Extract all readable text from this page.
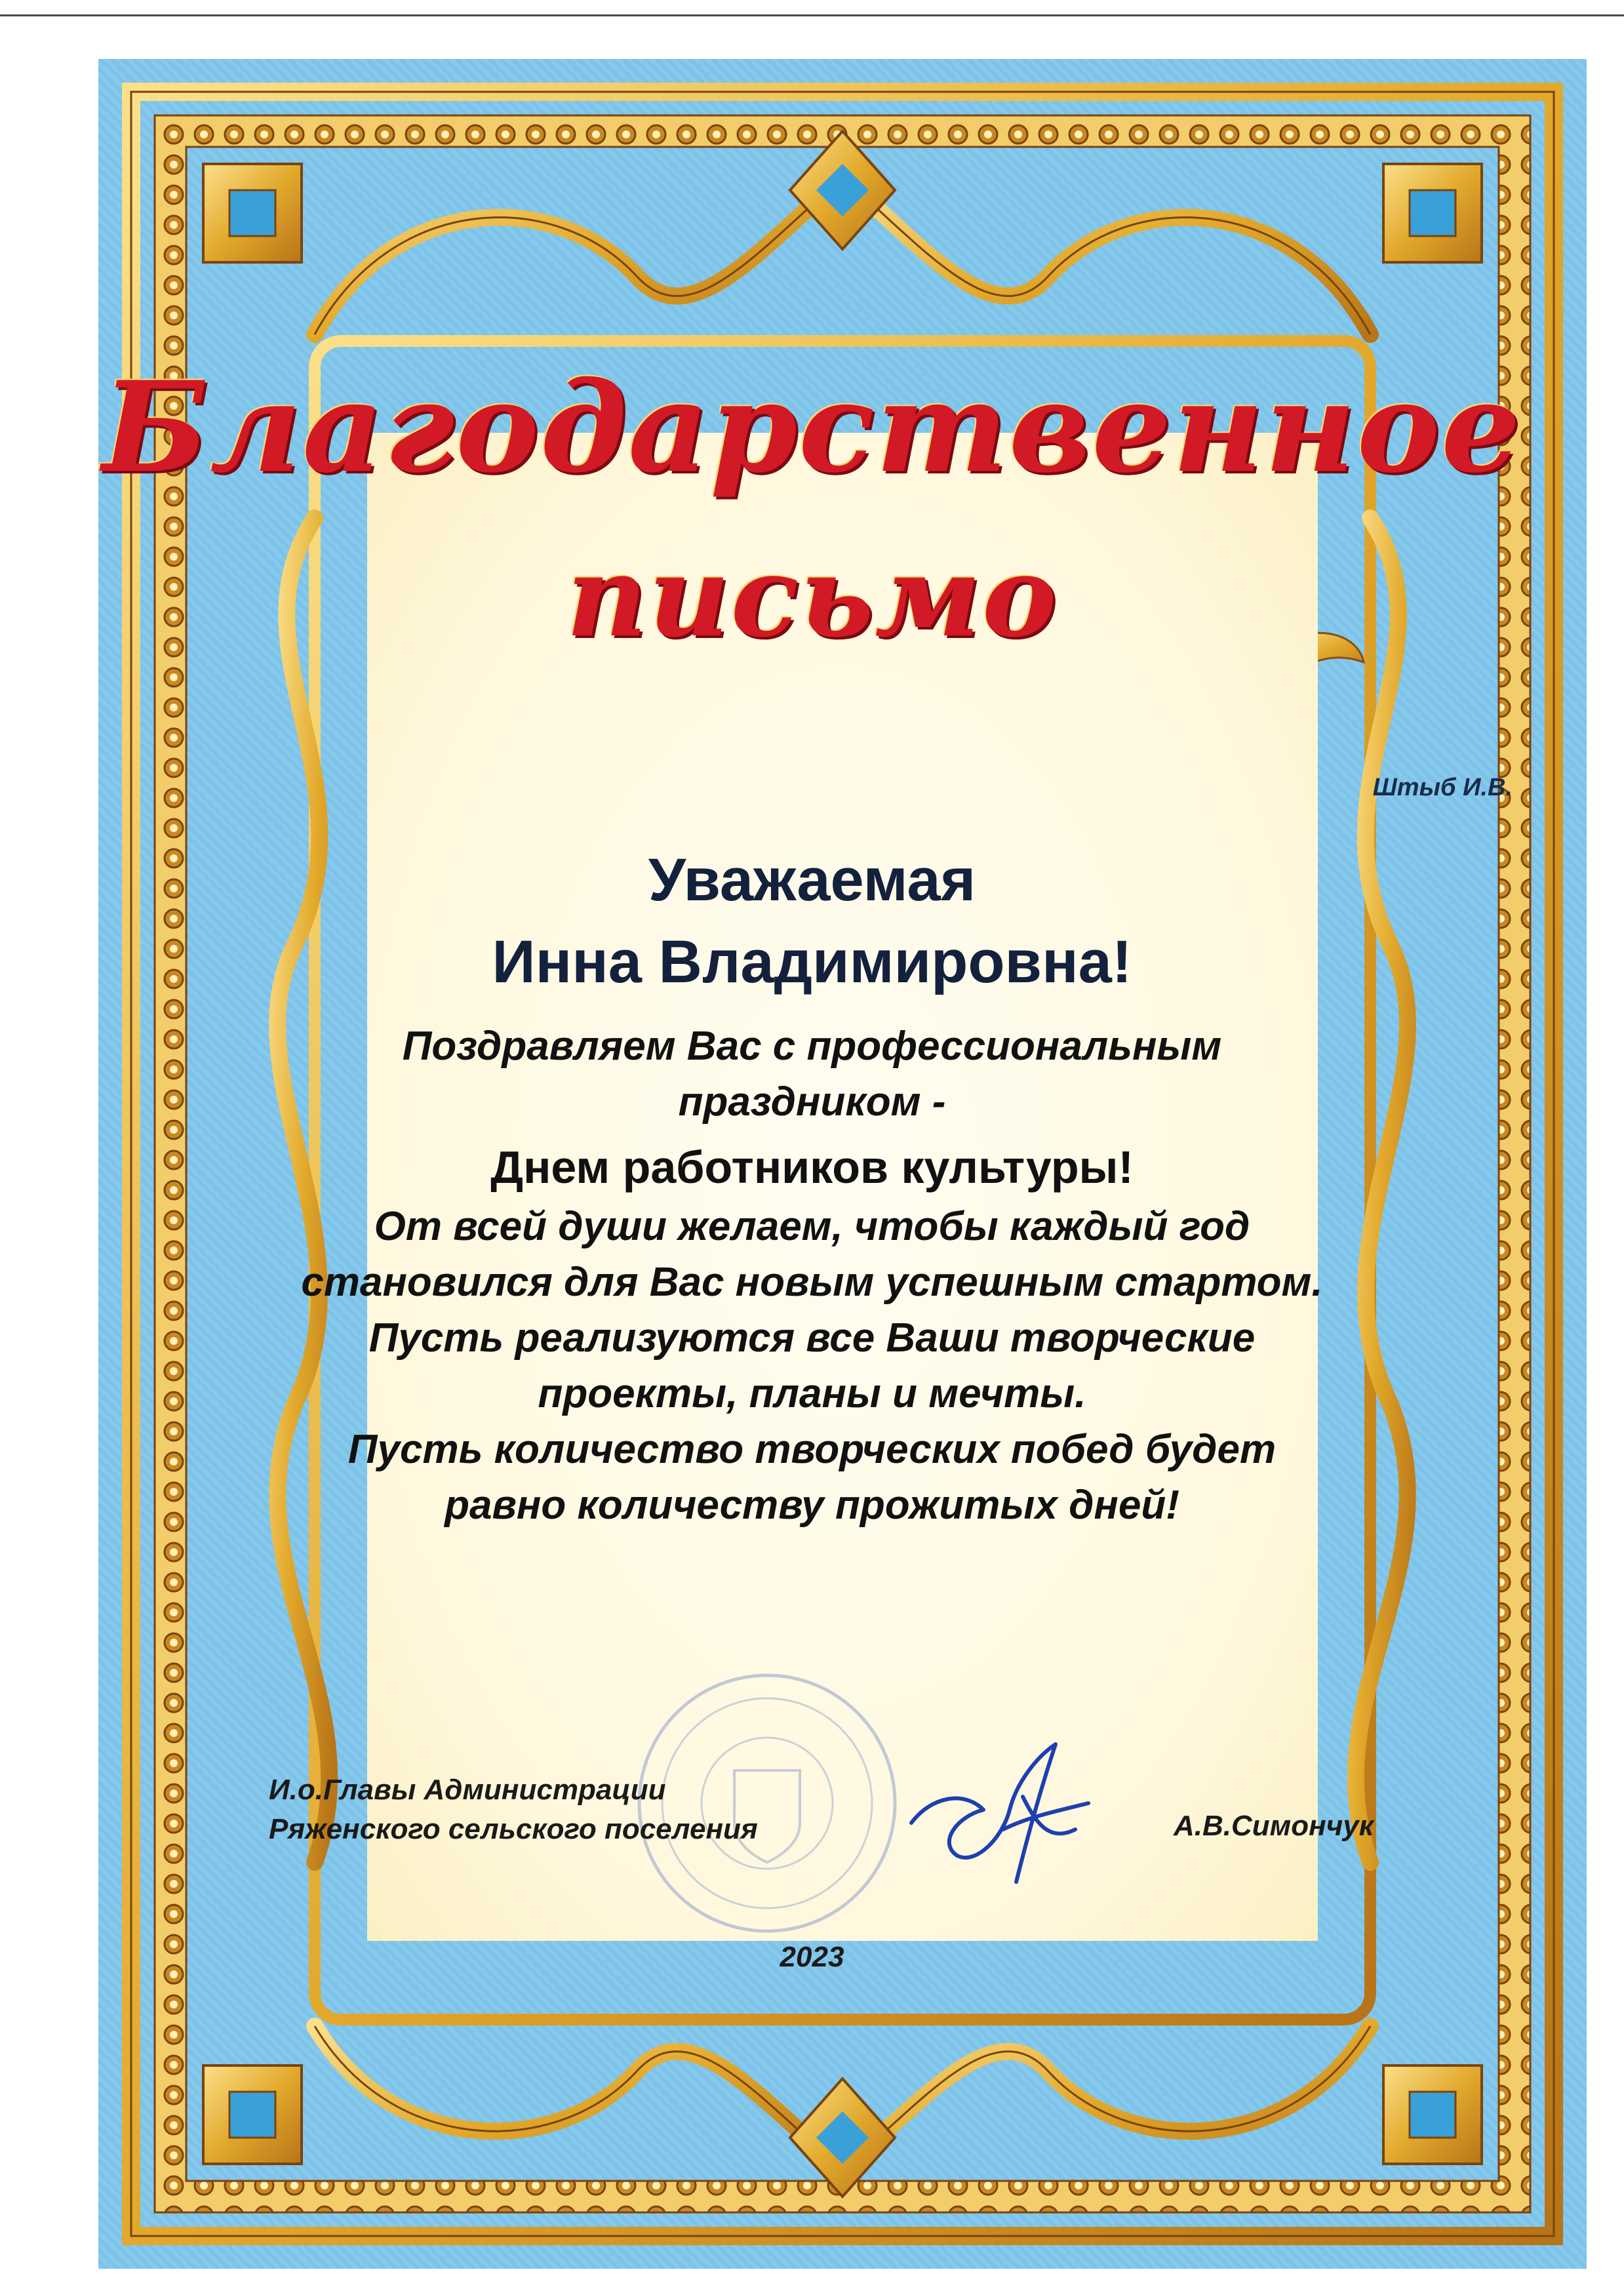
Благодарственное
письмо
Штыб И.В.
Уважаемая
Инна Владимировна!
Поздравляем Вас с профессиональным
праздником -
Днем работников культуры!
От всей души желаем, чтобы каждый год
становился для Вас новым успешным стартом.
Пусть реализуются все Ваши творческие
проекты, планы и мечты.
Пусть количество творческих побед будет
равно количеству прожитых дней!
И.о.Главы Администрации
Ряженского сельского поселения	А.В.Симончук
2023
